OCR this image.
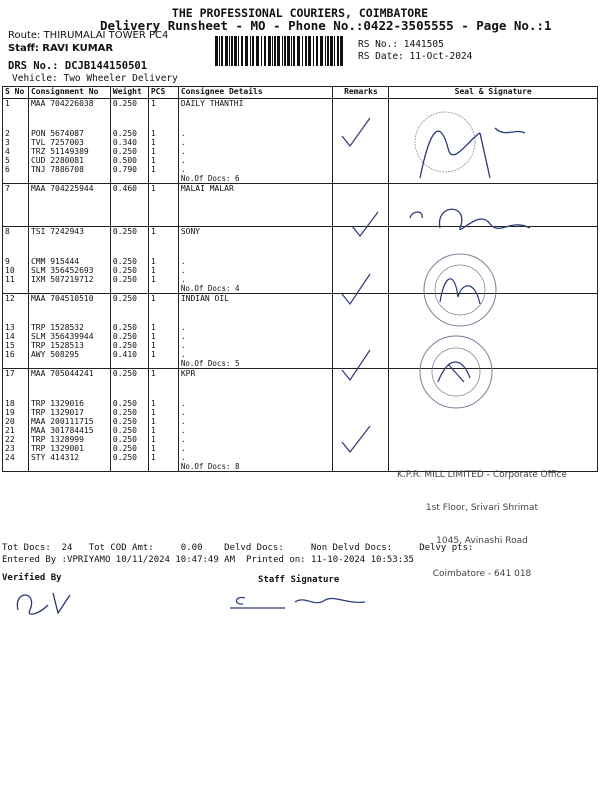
THE PROFESSIONAL COURIERS, COIMBATORE
Delivery Runsheet - MO - Phone No.:0422-3505555 - Page No.:1
Route: THIRUMALAI TOWER PC4
Staff: RAVI KUMAR
DRS No.: DCJB144150501
Vehicle: Two Wheeler Delivery
RS No.: 1441505
RS Date: 11-Oct-2024
S No	Consignment No	Weight	PCS	Consignee Details	Remarks	Seal & Signature
1	MAA 704226038	0.250	1	DAILY THANTHI		
2	PON 5674087	0.250	1	.		
3	TVL 7257003	0.340	1	.		
4	TRZ 51149389	0.250	1	.		
5	CUD 2280081	0.500	1	.		
6	TNJ 7886708	0.790	1	.		
				No.Of Docs: 6		
7	MAA 704225944	0.460	1	MALAI MALAR		

8	TSI 7242943	0.250	1	SONY		
9	CMM 915444	0.250	1	.		
10	SLM 356452693	0.250	1	.		
11	IXM 507219712	0.250	1	.		
				No.Of Docs: 4		
12	MAA 704510510	0.250	1	INDIAN OIL		
13	TRP 1528532	0.250	1	.		
14	SLM 356439944	0.250	1	.		
15	TRP 1528513	0.250	1	.		
16	AWY 508295	0.410	1	.		
				No.Of Docs: 5		
17	MAA 705044241	0.250	1	KPR		
18	TRP 1329016	0.250	1	.		
19	TRP 1329017	0.250	1	.		
20	MAA 200111715	0.250	1	.		
21	MAA 301784415	0.250	1	.		
22	TRP 1328999	0.250	1	.		
23	TRP 1329001	0.250	1	.		
24	STY 414312	0.250	1	.		
				No.Of Docs: 8		

K.P.R. MILL LIMITED - Corporate Office

1st Floor, Srivari Shrimat

1045, Avinashi Road

Coimbatore - 641 018

Tot Docs:  24   Tot COD Amt:     0.00    Delvd Docs:     Non Delvd Docs:     Delvy pts:
Entered By :VPRIYAMO 10/11/2024 10:47:49 AM Printed on: 11-10-2024 10:53:35
Verified By	Staff Signature
